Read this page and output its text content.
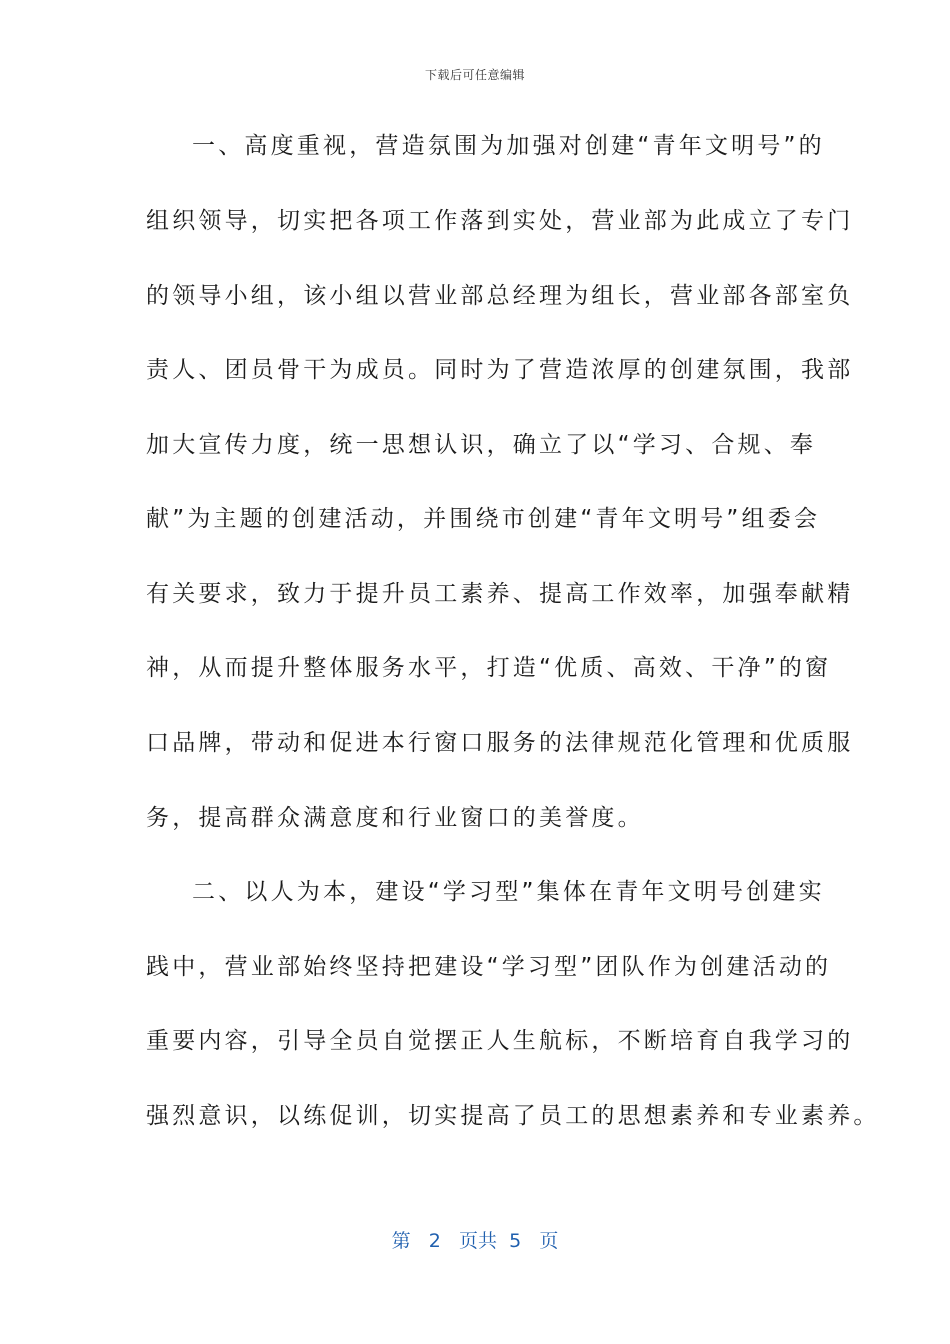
下载后可任意编辑
一、高度重视，营造氛围为加强对创建“青年文明号”的
组织领导，切实把各项工作落到实处，营业部为此成立了专门
的领导小组，该小组以营业部总经理为组长，营业部各部室负
责人、团员骨干为成员。同时为了营造浓厚的创建氛围，我部
加大宣传力度，统一思想认识，确立了以“学习、合规、奉
献”为主题的创建活动，并围绕市创建“青年文明号”组委会
有关要求，致力于提升员工素养、提高工作效率，加强奉献精
神，从而提升整体服务水平，打造“优质、高效、干净”的窗
口品牌，带动和促进本行窗口服务的法律规范化管理和优质服
务，提高群众满意度和行业窗口的美誉度。
二、以人为本，建设“学习型”集体在青年文明号创建实
践中，营业部始终坚持把建设“学习型”团队作为创建活动的
重要内容，引导全员自觉摆正人生航标，不断培育自我学习的
强烈意识，以练促训，切实提高了员工的思想素养和专业素养。
第 2 页共 5 页
